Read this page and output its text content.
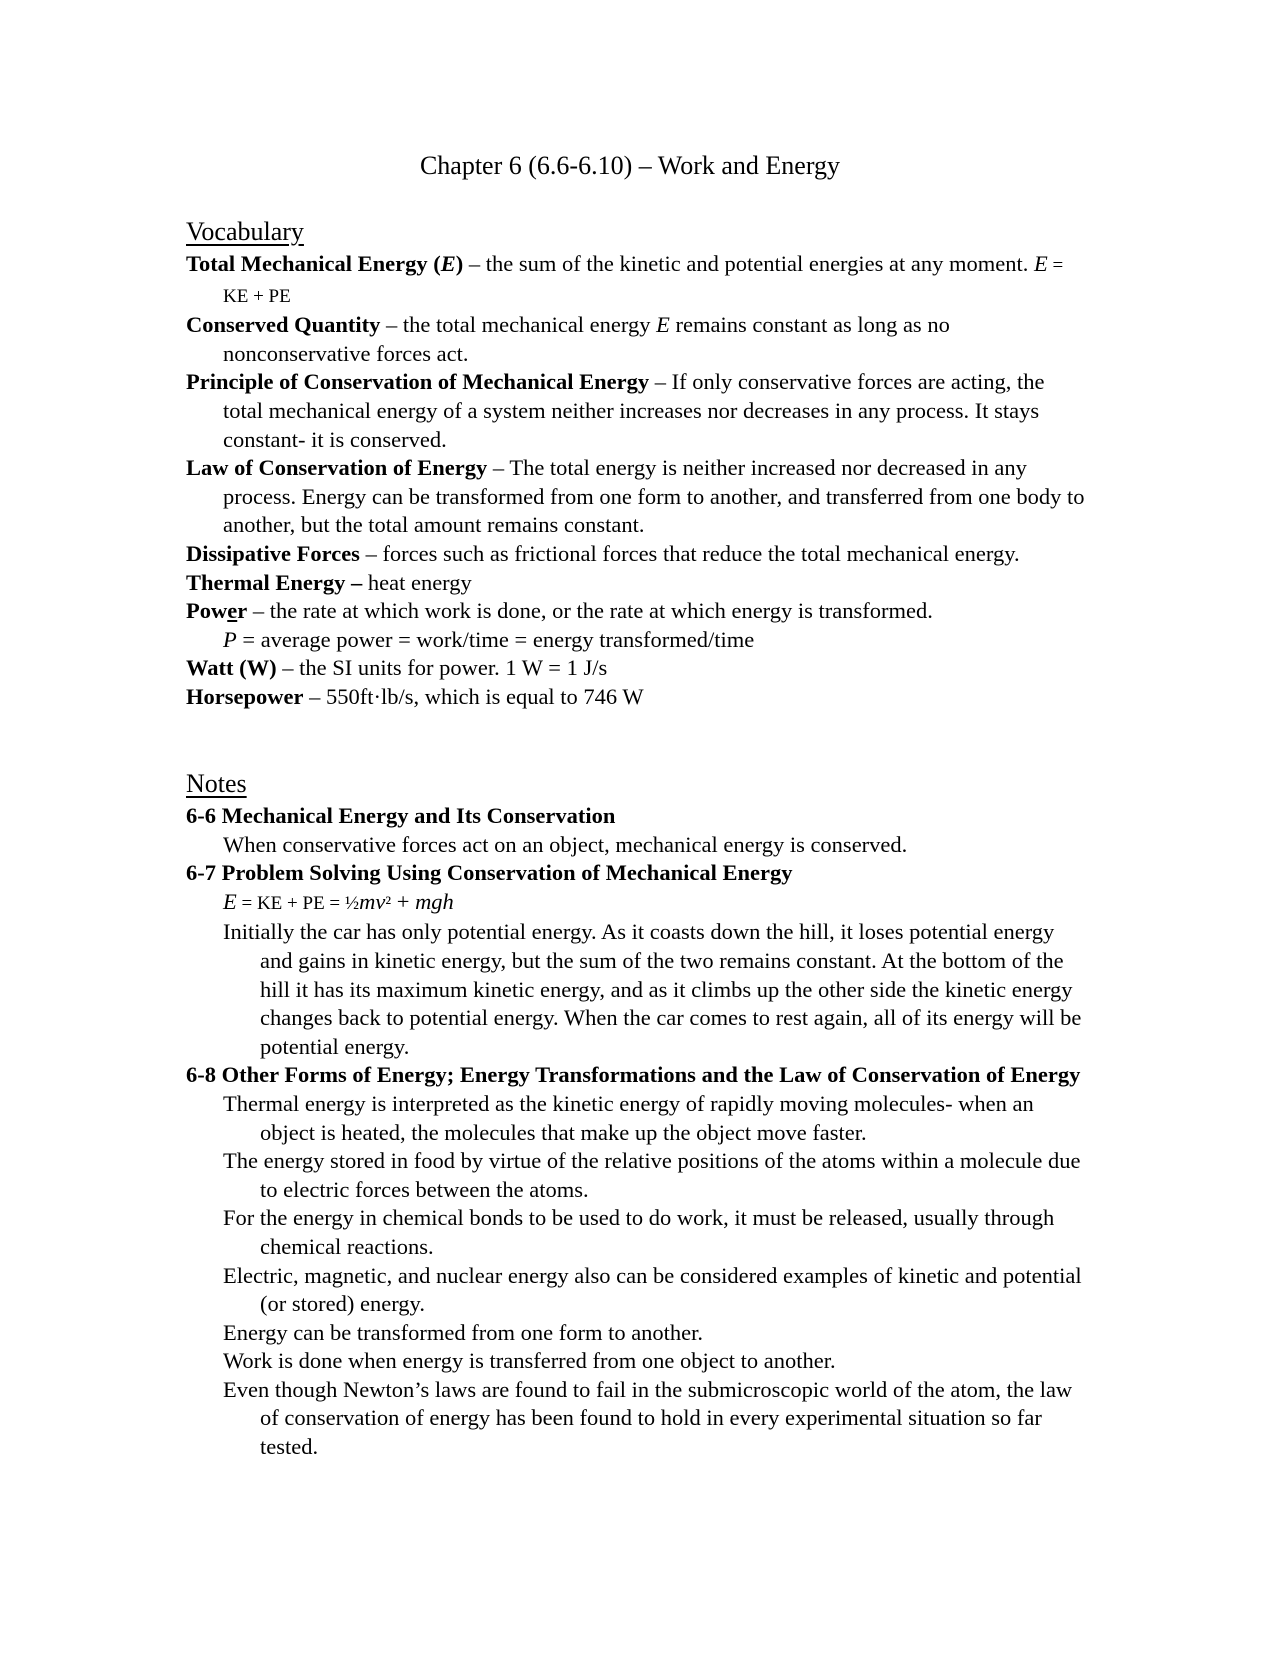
Chapter 6 (6.6-6.10) – Work and Energy
Vocabulary

Total Mechanical Energy (E) – the sum of the kinetic and potential energies at any moment. E = KE + PE

Conserved Quantity – the total mechanical energy E remains constant as long as no nonconservative forces act.

Principle of Conservation of Mechanical Energy – If only conservative forces are acting, the total mechanical energy of a system neither increases nor decreases in any process. It stays constant- it is conserved.

Law of Conservation of Energy – The total energy is neither increased nor decreased in any process. Energy can be transformed from one form to another, and transferred from one body to another, but the total amount remains constant.

Dissipative Forces – forces such as frictional forces that reduce the total mechanical energy.

Thermal Energy – heat energy

Power – the rate at which work is done, or the rate at which energy is transformed.
P = average power = work/time = energy transformed/time

Watt (W) – the SI units for power. 1 W = 1 J/s

Horsepower – 550ft·lb/s, which is equal to 746 W

Notes

6-6 Mechanical Energy and Its Conservation

When conservative forces act on an object, mechanical energy is conserved.

6-7 Problem Solving Using Conservation of Mechanical Energy

E = KE + PE = ½mv² + mgh

Initially the car has only potential energy. As it coasts down the hill, it loses potential energy and gains in kinetic energy, but the sum of the two remains constant. At the bottom of the hill it has its maximum kinetic energy, and as it climbs up the other side the kinetic energy changes back to potential energy. When the car comes to rest again, all of its energy will be potential energy.

6-8 Other Forms of Energy; Energy Transformations and the Law of Conservation of Energy

Thermal energy is interpreted as the kinetic energy of rapidly moving molecules- when an object is heated, the molecules that make up the object move faster.

The energy stored in food by virtue of the relative positions of the atoms within a molecule due to electric forces between the atoms.

For the energy in chemical bonds to be used to do work, it must be released, usually through chemical reactions.

Electric, magnetic, and nuclear energy also can be considered examples of kinetic and potential (or stored) energy.

Energy can be transformed from one form to another.

Work is done when energy is transferred from one object to another.

Even though Newton’s laws are found to fail in the submicroscopic world of the atom, the law of conservation of energy has been found to hold in every experimental situation so far tested.
